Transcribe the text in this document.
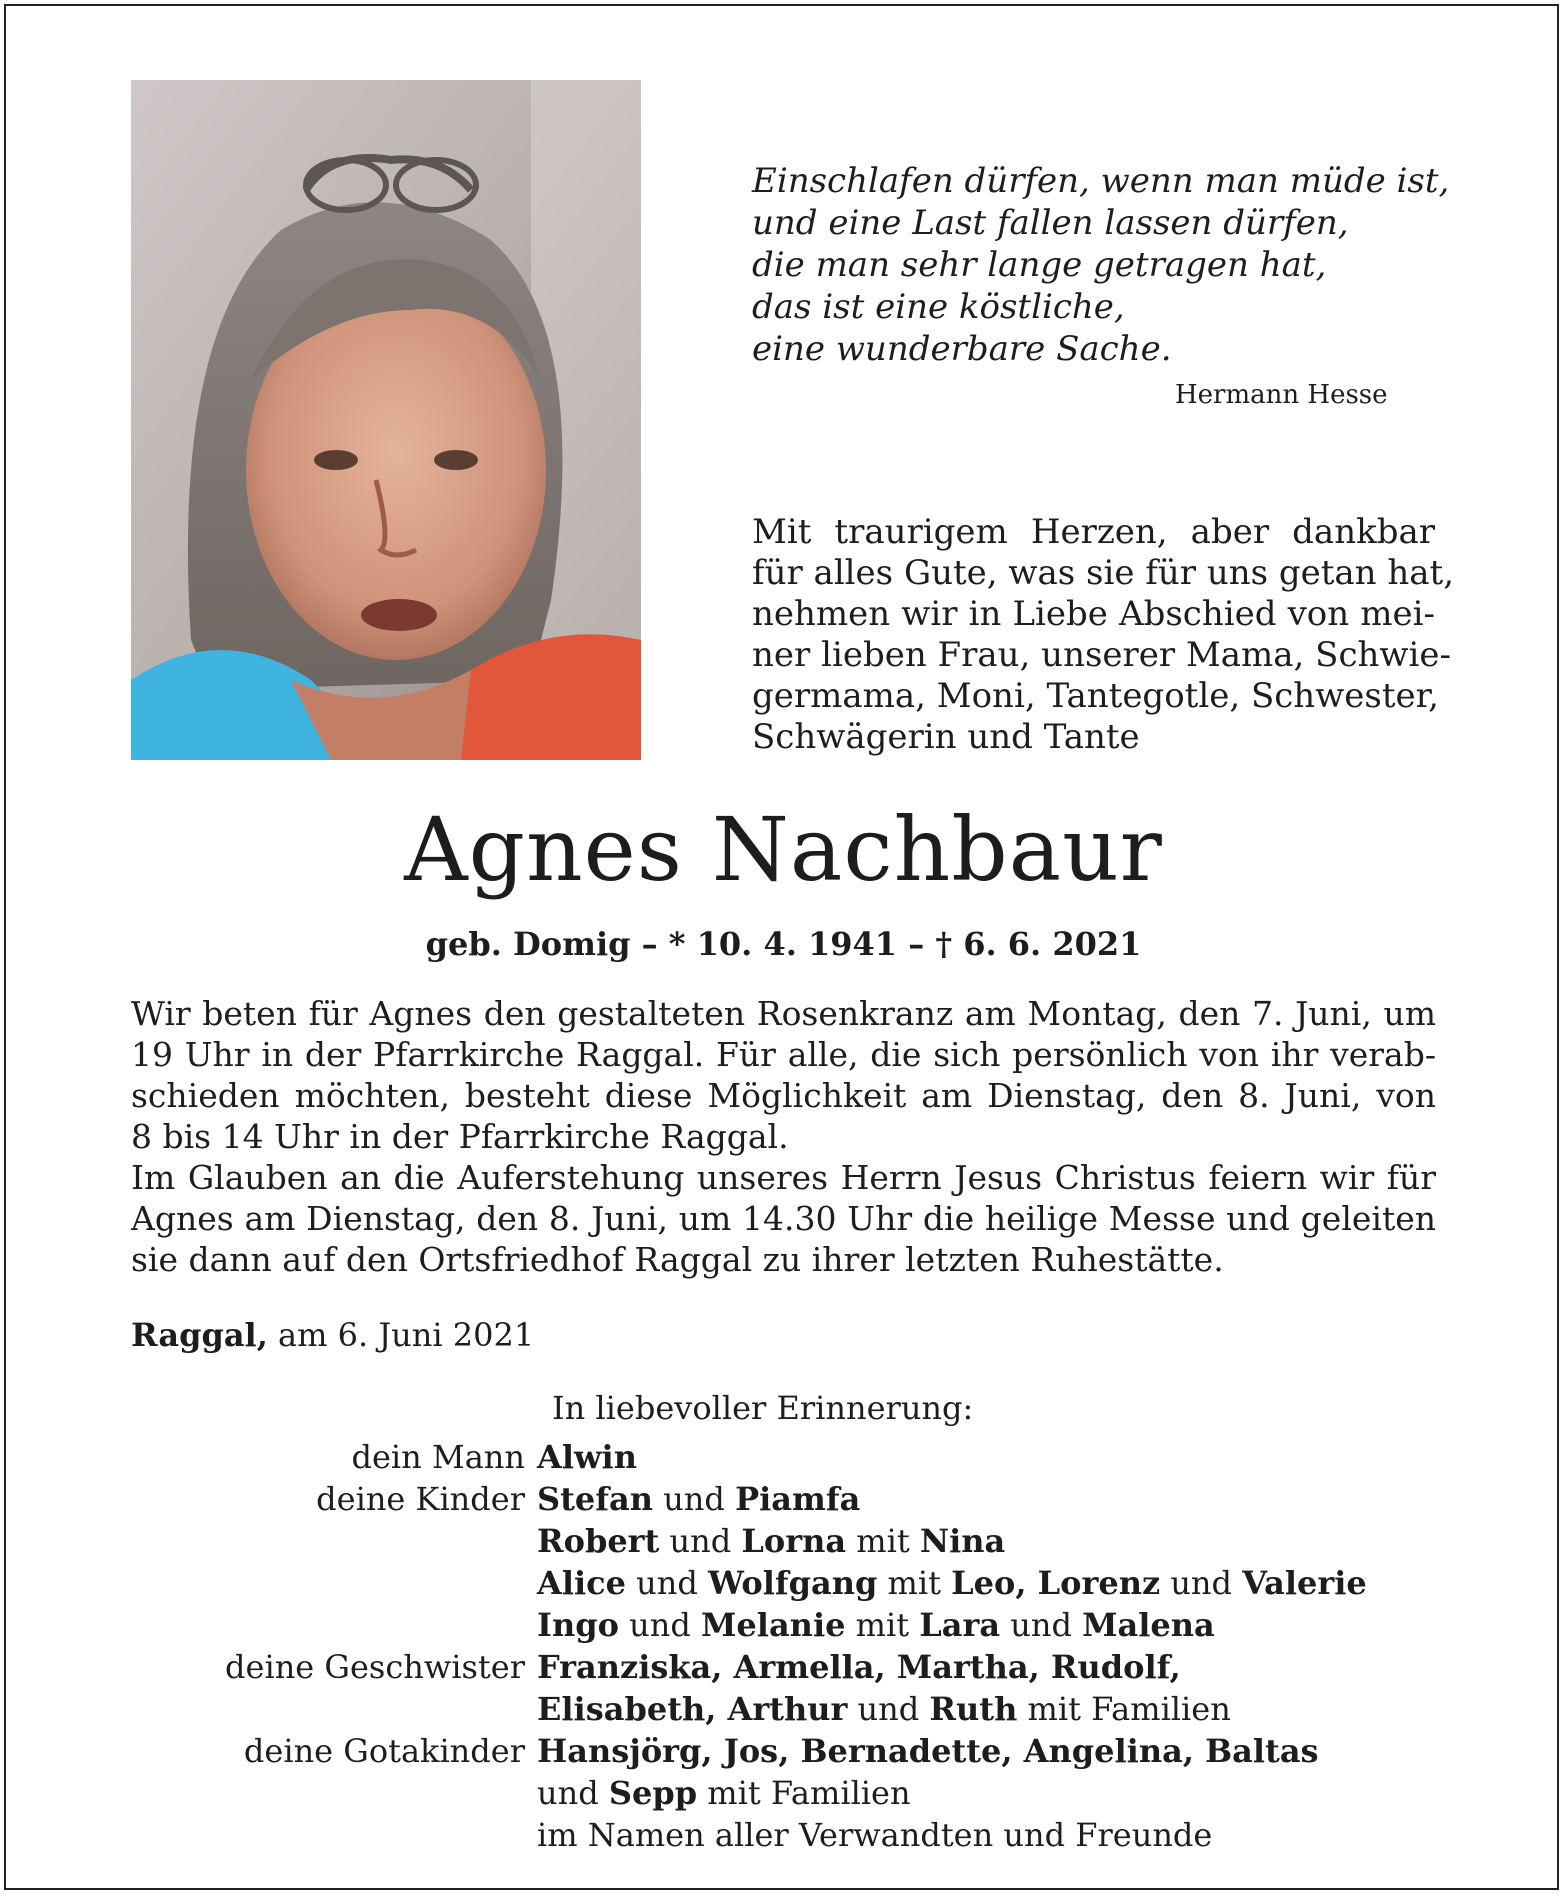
Einschlafen dürfen, wenn man müde ist,
und eine Last fallen lassen dürfen,
die man sehr lange getragen hat,
das ist eine köstliche,
eine wunderbare Sache.
Hermann Hesse
Mit traurigem Herzen, aber dankbar
für alles Gute, was sie für uns getan hat,
nehmen wir in Liebe Abschied von mei-
ner lieben Frau, unserer Mama, Schwie-
germama, Moni, Tantegotle, Schwester,
Schwägerin und Tante
Agnes Nachbaur
geb. Domig – * 10. 4. 1941 – † 6. 6. 2021
Wir beten für Agnes den gestalteten Rosenkranz am Montag, den 7. Juni, um
19 Uhr in der Pfarrkirche Raggal. Für alle, die sich persönlich von ihr verab-
schieden möchten, besteht diese Möglichkeit am Dienstag, den 8. Juni, von
8 bis 14 Uhr in der Pfarrkirche Raggal.
Im Glauben an die Auferstehung unseres Herrn Jesus Christus feiern wir für
Agnes am Dienstag, den 8. Juni, um 14.30 Uhr die heilige Messe und geleiten
sie dann auf den Ortsfriedhof Raggal zu ihrer letzten Ruhestätte.
Raggal, am 6. Juni 2021
In liebevoller Erinnerung:
dein Mann Alwin
deine Kinder Stefan und Piamfa
Robert und Lorna mit Nina
Alice und Wolfgang mit Leo, Lorenz und Valerie
Ingo und Melanie mit Lara und Malena
deine Geschwister Franziska, Armella, Martha, Rudolf,
Elisabeth, Arthur und Ruth mit Familien
deine Gotakinder Hansjörg, Jos, Bernadette, Angelina, Baltas
und Sepp mit Familien
im Namen aller Verwandten und Freunde
